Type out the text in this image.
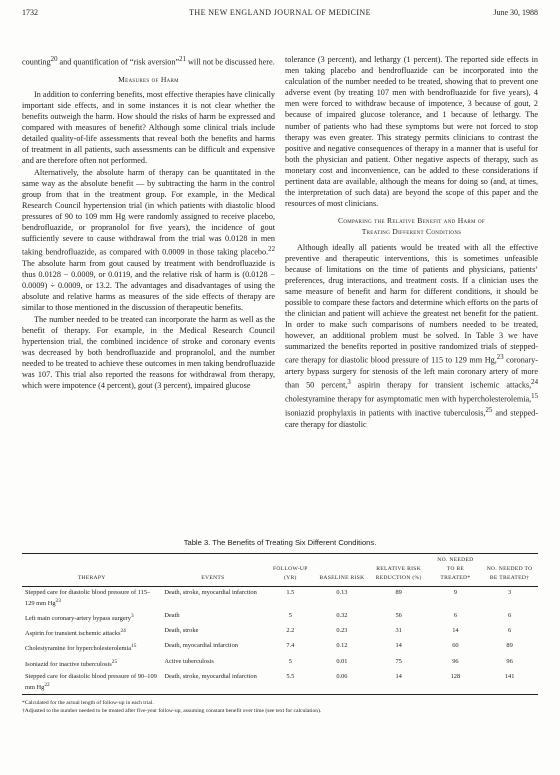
1732	THE NEW ENGLAND JOURNAL OF MEDICINE	June 30, 1988

counting$^{20}$ and quantification of “risk aversion”$^{21}$ will not be discussed here.

Measures of Harm

In addition to conferring benefits, most effective therapies have clinically important side effects, and in some instances it is not clear whether the benefits outweigh the harm. How should the risks of harm be expressed and compared with measures of benefit? Although some clinical trials include detailed quality-of-life assessments that reveal both the benefits and harms of treatment in all patients, such assessments can be difficult and expensive and are therefore often not performed.

Alternatively, the absolute harm of therapy can be quantitated in the same way as the absolute benefit — by subtracting the harm in the control group from that in the treatment group. For example, in the Medical Research Council hypertension trial (in which patients with diastolic blood pressures of 90 to 109 mm Hg were randomly assigned to receive placebo, bendrofluazide, or propranolol for five years), the incidence of gout sufficiently severe to cause withdrawal from the trial was 0.0128 in men taking bendrofluazide, as compared with 0.0009 in those taking placebo.$^{22}$ The absolute harm from gout caused by treatment with bendrofluazide is thus 0.0128 − 0.0009, or 0.0119, and the relative risk of harm is (0.0128 − 0.0009) ÷ 0.0009, or 13.2. The advantages and disadvantages of using the absolute and relative harms as measures of the side effects of therapy are similar to those mentioned in the discussion of therapeutic benefits.

The number needed to be treated can incorporate the harm as well as the benefit of therapy. For example, in the Medical Research Council hypertension trial, the combined incidence of stroke and coronary events was decreased by both bendrofluazide and propranolol, and the number needed to be treated to achieve these outcomes in men taking bendrofluazide was 107. This trial also reported the reasons for withdrawal from therapy, which were impotence (4 percent), gout (3 percent), impaired glucose

tolerance (3 percent), and lethargy (1 percent). The reported side effects in men taking placebo and bendrofluazide can be incorporated into the calculation of the number needed to be treated, showing that to prevent one adverse event (by treating 107 men with bendrofluazide for five years), 4 men were forced to withdraw because of impotence, 3 because of gout, 2 because of impaired glucose tolerance, and 1 because of lethargy. The number of patients who had these symptoms but were not forced to stop therapy was even greater. This strategy permits clinicians to contrast the positive and negative consequences of therapy in a manner that is useful for both the physician and patient. Other negative aspects of therapy, such as monetary cost and inconvenience, can be added to these considerations if pertinent data are available, although the means for doing so (and, at times, the interpretation of such data) are beyond the scope of this paper and the resources of most clinicians.

Comparing the Relative Benefit and Harm of
Treating Different Conditions

Although ideally all patients would be treated with all the effective preventive and therapeutic interventions, this is sometimes unfeasible because of limitations on the time of patients and physicians, patients’ preferences, drug interactions, and treatment costs. If a clinician uses the same measure of benefit and harm for different conditions, it should be possible to compare these factors and determine which efforts on the parts of the clinician and patient will achieve the greatest net benefit for the patient. In order to make such comparisons of numbers needed to be treated, however, an additional problem must be solved. In Table 3 we have summarized the benefits reported in positive randomized trials of stepped-care therapy for diastolic blood pressure of 115 to 129 mm Hg,$^{23}$ coronary-artery bypass surgery for stenosis of the left main coronary artery of more than 50 percent,$^3$ aspirin therapy for transient ischemic attacks,$^{24}$ cholestyramine therapy for asymptomatic men with hypercholesterolemia,$^{15}$ isoniazid prophylaxis in patients with inactive tuberculosis,$^{25}$ and stepped-care therapy for diastolic

Table 3. The Benefits of Treating Six Different Conditions.
THERAPY	EVENTS	FOLLOW-UP (YR)	BASELINE RISK	RELATIVE RISK REDUCTION (%)	NO. NEEDED TO BE TREATED*	NO. NEEDED TO BE TREATED†
Stepped care for diastolic blood pressure of 115–129 mm Hg$^{23}$	Death, stroke, myocardial infarction	1.5	0.13	89	9	3
Left main coronary-artery bypass surgery$^3$	Death	5	0.32	56	6	6
Aspirin for transient ischemic attacks$^{24}$	Death, stroke	2.2	0.23	31	14	6
Cholestyramine for hypercholesterolemia$^{15}$	Death, myocardial infarction	7.4	0.12	14	60	89
Isoniazid for inactive tuberculosis$^{25}$	Active tuberculosis	5	0.01	75	96	96
Stepped care for diastolic blood pressure of 90–109 mm Hg$^{22}$	Death, stroke, myocardial infarction	5.5	0.06	14	128	141
*Calculated for the actual length of follow-up in each trial.
†Adjusted to the number needed to be treated after five-year follow-up, assuming constant benefit over time (see text for calculation).
